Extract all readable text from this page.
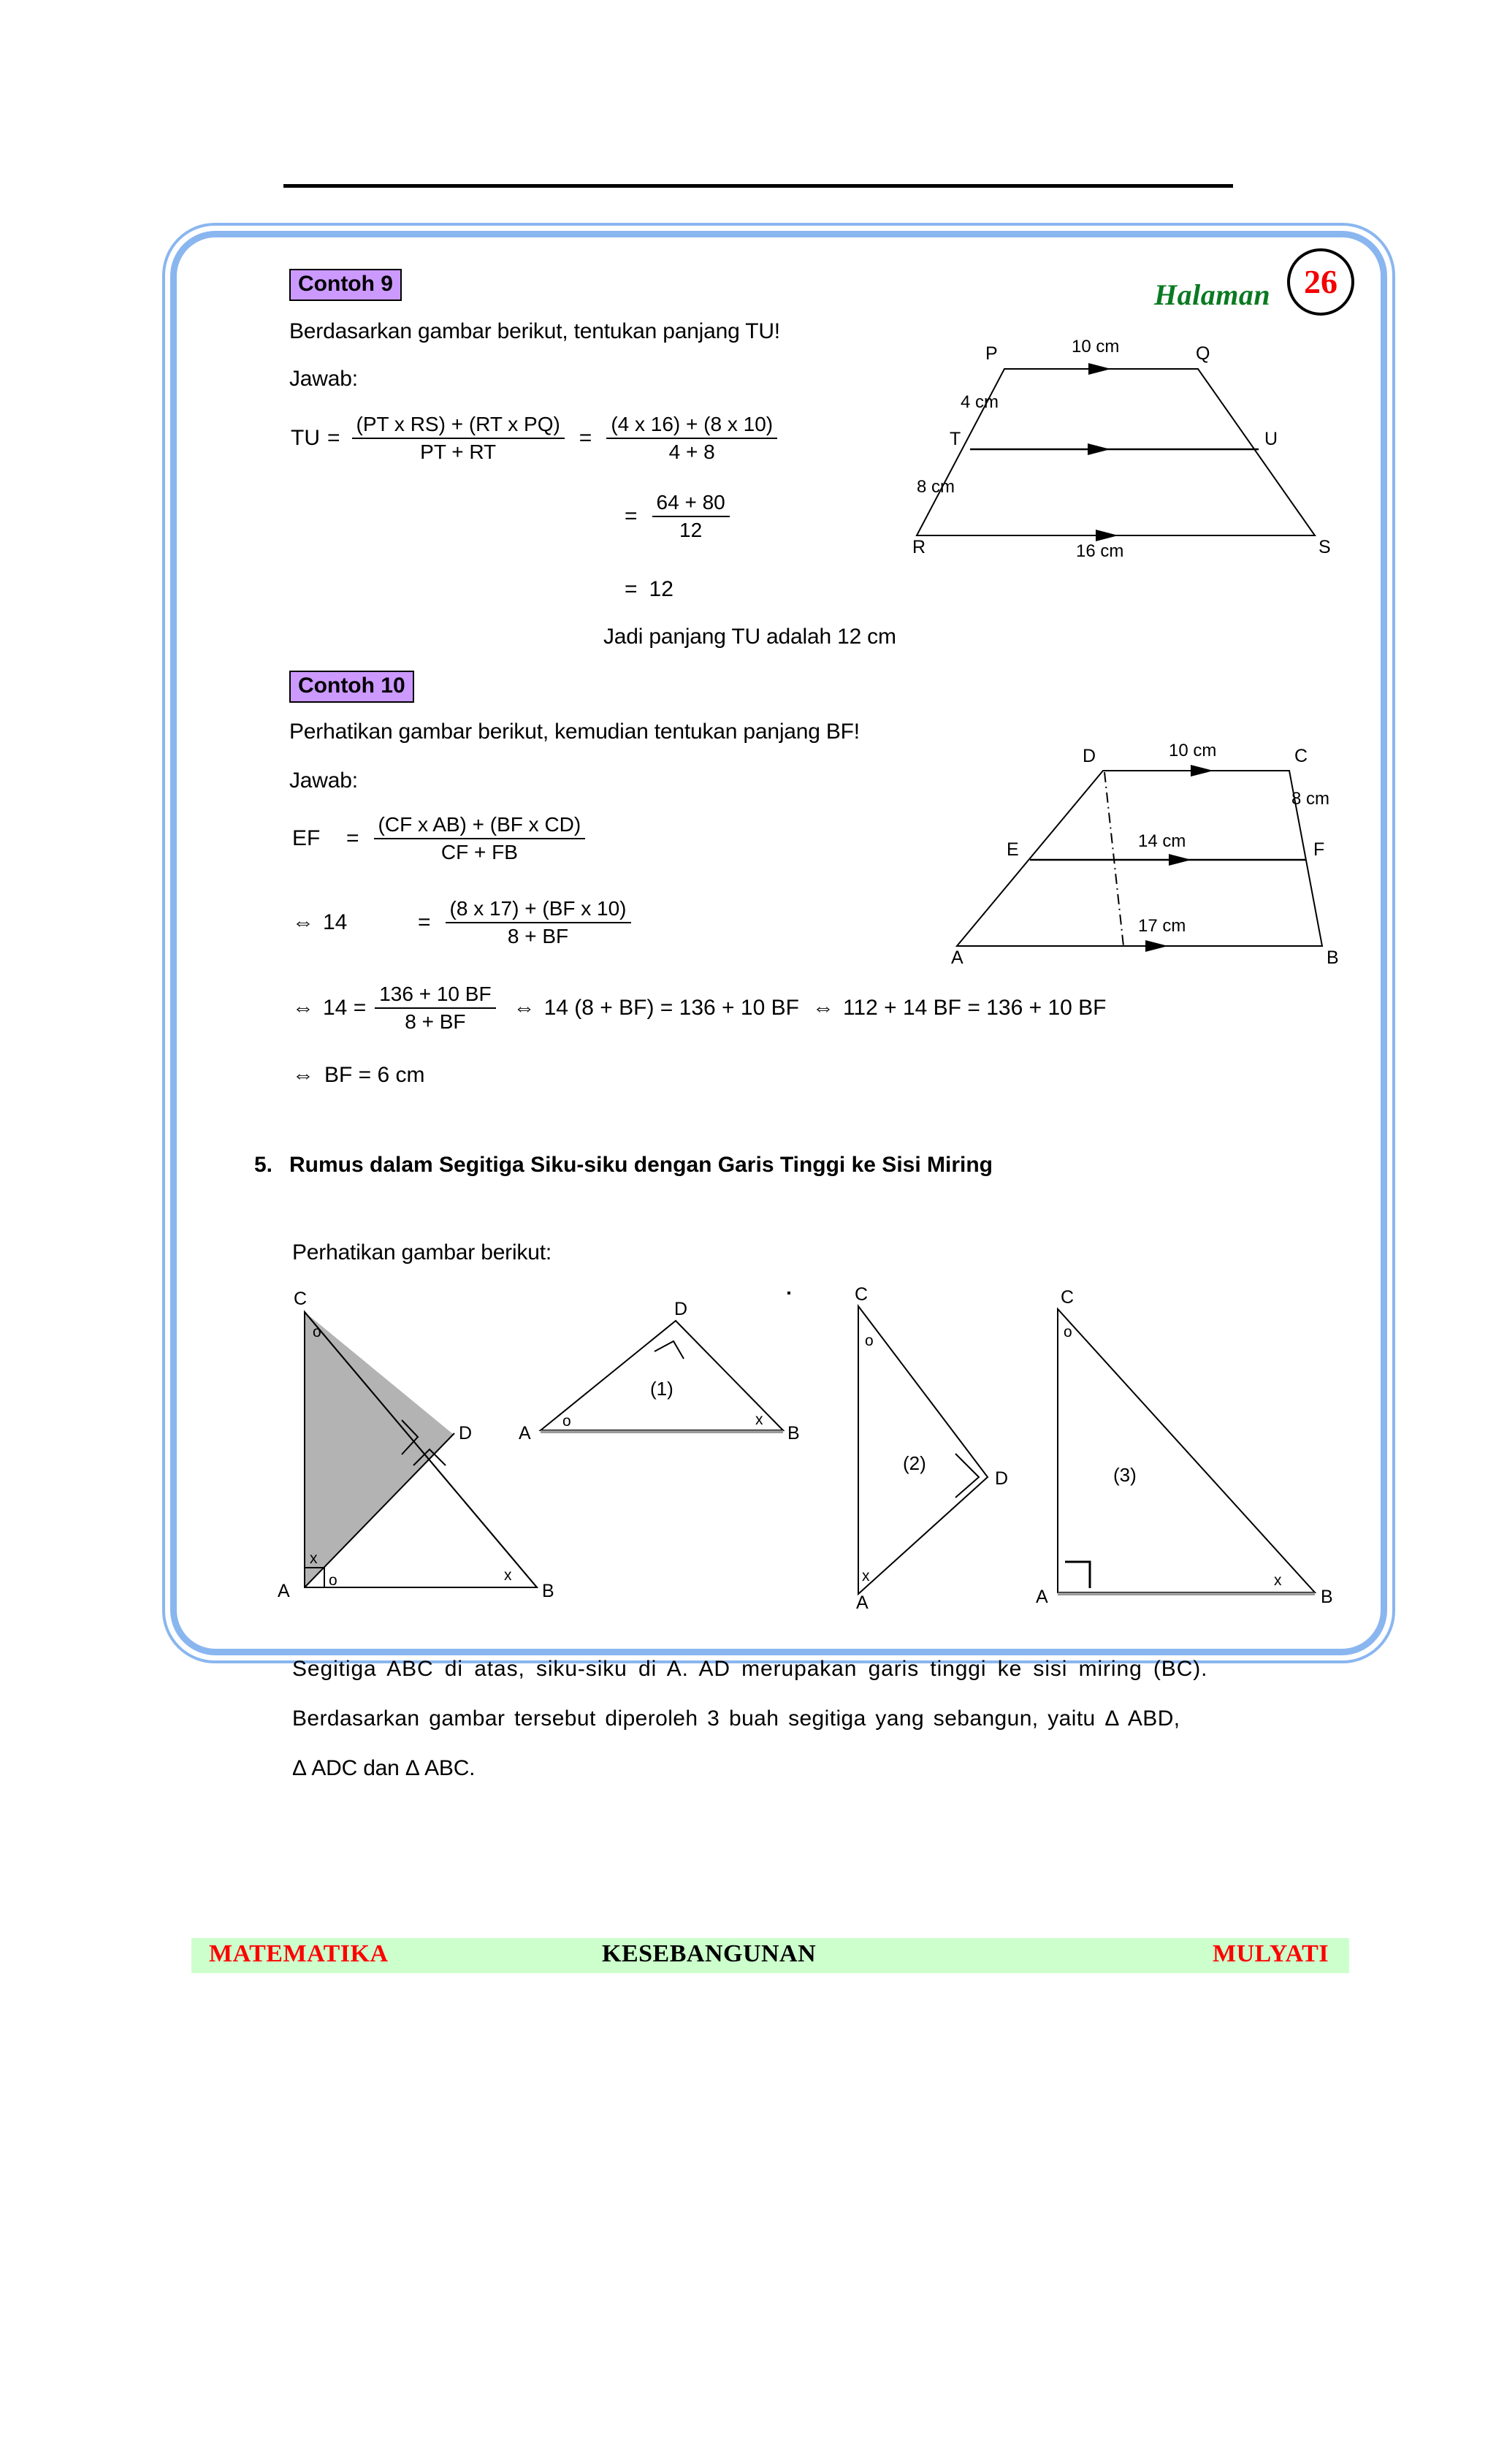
Halaman 26
Contoh 9
Berdasarkan gambar berikut, tentukan panjang TU!
Jawab:
TU = $\frac{\text{(PT x RS) + (RT x PQ)}}{PT + RT} = \frac{(4 x 16) + (8 x 10)}{4 + 8}$
= $\frac{64 + 80}{12}$
= 12
Jadi panjang TU adalah 12 cm
P	Q
T	U
R	S
10 cm
4 cm
8 cm
16 cm
Contoh 10
Perhatikan gambar berikut, kemudian tentukan panjang BF!
Jawab:
EF	= $\frac{\text{(CF x AB) + (BF x CD)}}{CF + FB}$
⇔ 14	= $\frac{\text{(8 x 17) + (BF x 10)}}{8 + BF}$
⇔ $14 = \frac{136 + 10 BF}{8 + BF}$ ⇔ 14 (8 + BF) = 136 + 10 BF ⇔ 112 + 14 BF = 136 + 10 BF
⇔ BF = 6 cm
D	C
E	F
A	B
10 cm
8 cm
14 cm
17 cm
5. Rumus dalam Segitiga Siku-siku dengan Garis Tinggi ke Sisi Miring
Perhatikan gambar berikut:
C
A	B
D
o
x
o	x
D
A	B
o	x
(1)
C
A
D
o
x
(2)
C
A	B
o
x
(3)
Segitiga ABC di atas, siku-siku di A. AD merupakan garis tinggi ke sisi miring (BC).
Berdasarkan gambar tersebut diperoleh 3 buah segitiga yang sebangun, yaitu Δ ABD,
Δ ADC dan Δ ABC.
MATEMATIKA	KESEBANGUNAN	MULYATI
